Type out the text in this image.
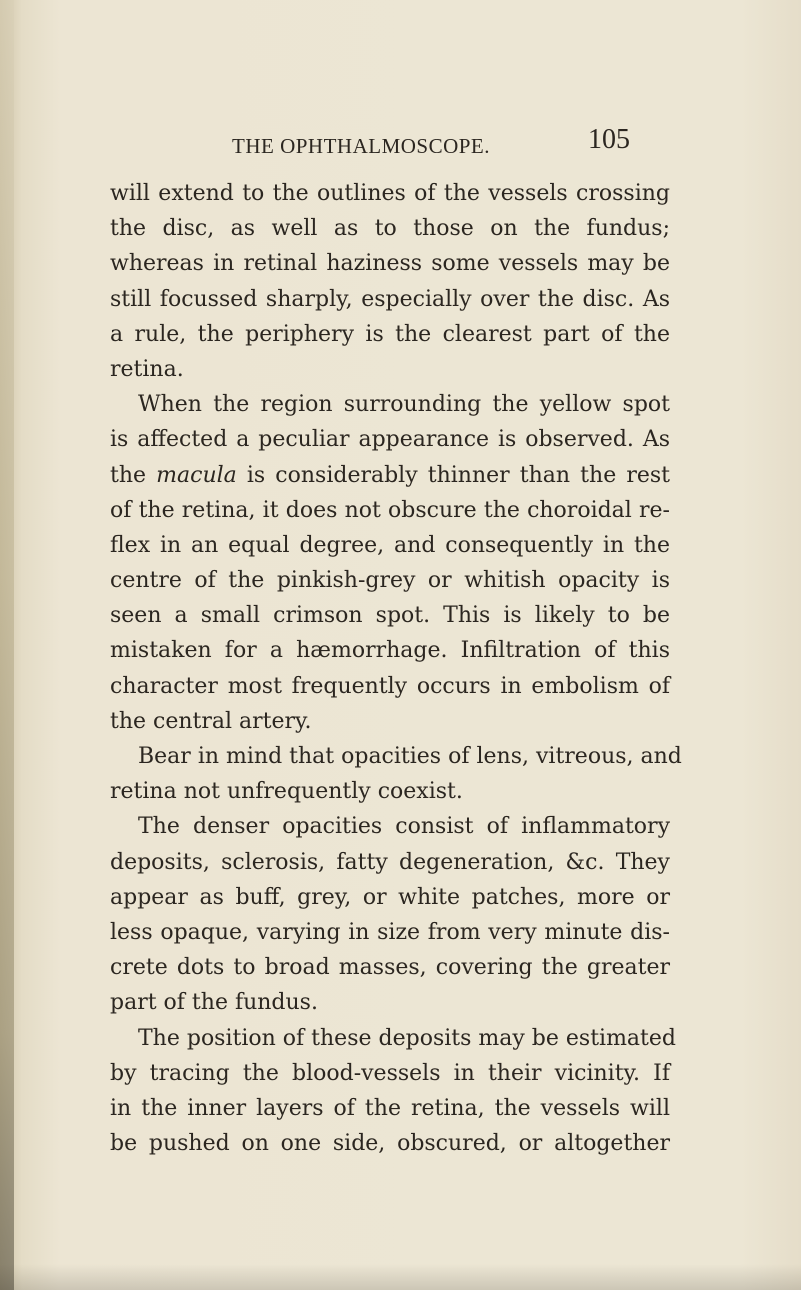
THE OPHTHALMOSCOPE.	105
will extend to the outlines of the vessels crossing
the disc, as well as to those on the fundus;
whereas in retinal haziness some vessels may be
still focussed sharply, especially over the disc. As
a rule, the periphery is the clearest part of the
retina.
When the region surrounding the yellow spot
is affected a peculiar appearance is observed. As
the macula is considerably thinner than the rest
of the retina, it does not obscure the choroidal re-
flex in an equal degree, and consequently in the
centre of the pinkish-grey or whitish opacity is
seen a small crimson spot. This is likely to be
mistaken for a hæmorrhage. Infiltration of this
character most frequently occurs in embolism of
the central artery.
Bear in mind that opacities of lens, vitreous, and
retina not unfrequently coexist.
The denser opacities consist of inflammatory
deposits, sclerosis, fatty degeneration, &c. They
appear as buff, grey, or white patches, more or
less opaque, varying in size from very minute dis-
crete dots to broad masses, covering the greater
part of the fundus.
The position of these deposits may be estimated
by tracing the blood-vessels in their vicinity. If
in the inner layers of the retina, the vessels will
be pushed on one side, obscured, or altogether
